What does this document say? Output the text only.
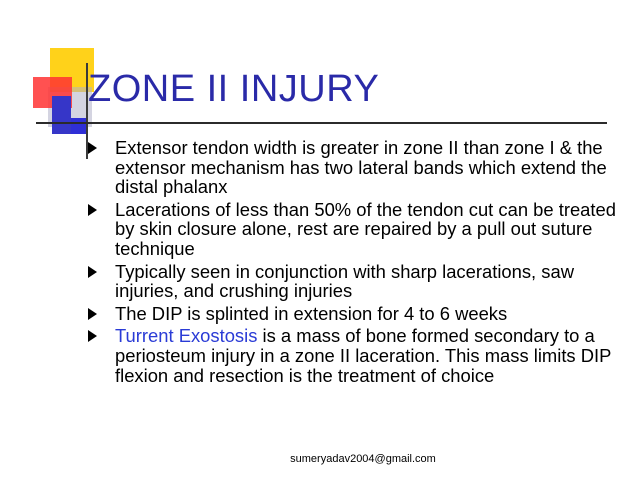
ZONE II INJURY
Extensor tendon width is greater in zone II than zone I & the extensor mechanism has two lateral bands which extend the distal phalanx
Lacerations of less than 50% of the tendon cut can be treated by skin closure alone, rest are repaired by a pull out suture technique
Typically seen in conjunction with sharp lacerations, saw injuries, and crushing injuries
The DIP is splinted in extension for 4 to 6 weeks
Turrent Exostosis is a mass of bone formed secondary to a periosteum injury in a zone II laceration. This mass limits DIP flexion and resection is the treatment of choice
sumeryadav2004@gmail.com
